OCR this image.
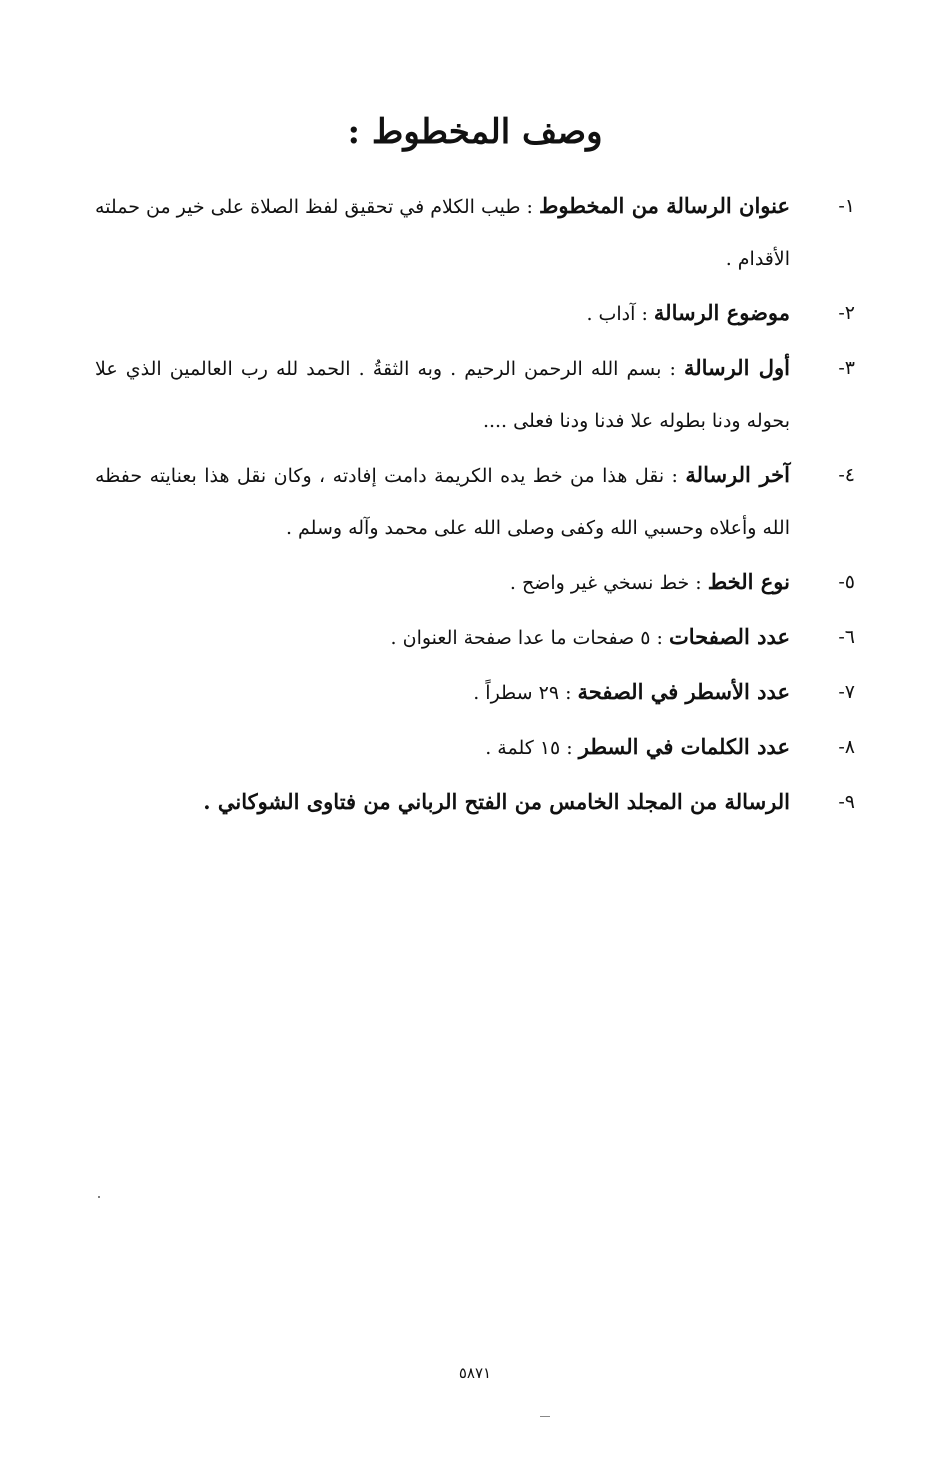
وصف المخطوط :
١-
عنوان الرسالة من المخطوط : طيب الكلام في تحقيق لفظ الصلاة على خير من حملته الأقدام .
٢-
موضوع الرسالة : آداب .
٣-
أول الرسالة : بسم الله الرحمن الرحيم . وبه الثقةُ . الحمد لله رب العالمين الذي علا بحوله ودنا بطوله علا فدنا ودنا فعلى ....
٤-
آخر الرسالة : نقل هذا من خط يده الكريمة دامت إفادته ، وكان نقل هذا بعنايته حفظه الله وأعلاه وحسبي الله وكفى وصلى الله على محمد وآله وسلم .
٥-
نوع الخط : خط نسخي غير واضح .
٦-
عدد الصفحات : ٥ صفحات ما عدا صفحة العنوان .
٧-
عدد الأسطر في الصفحة : ٢٩ سطراً .
٨-
عدد الكلمات في السطر : ١٥ كلمة .
٩-
الرسالة من المجلد الخامس من الفتح الرباني من فتاوى الشوكاني .
٥٨٧١
